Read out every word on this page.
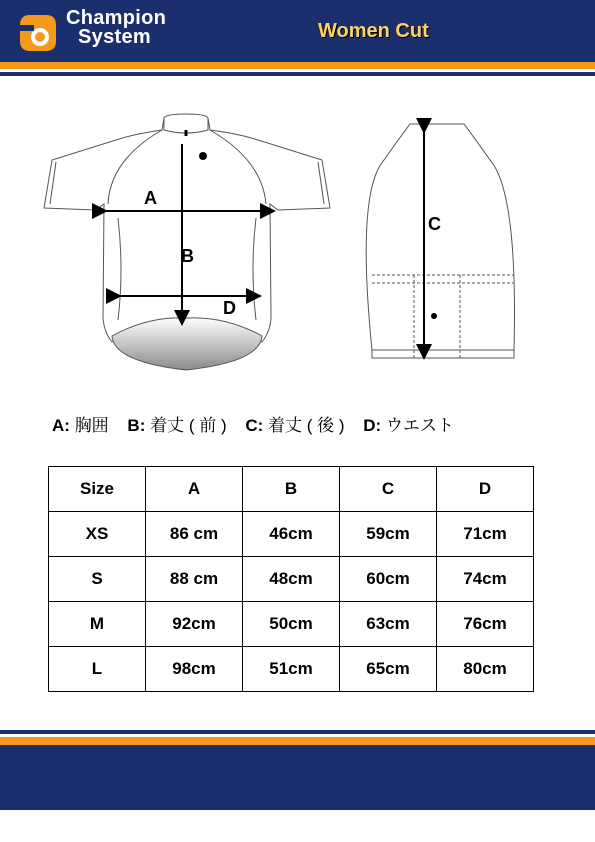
Champion
System	Women Cut
A
B
D
C
A: 胸囲 B: 着丈 ( 前 ) C: 着丈 ( 後 ) D: ウエスト
Size	A	B	C	D
XS	86 cm	46cm	59cm	71cm
S	88 cm	48cm	60cm	74cm
M	92cm	50cm	63cm	76cm
L	98cm	51cm	65cm	80cm
